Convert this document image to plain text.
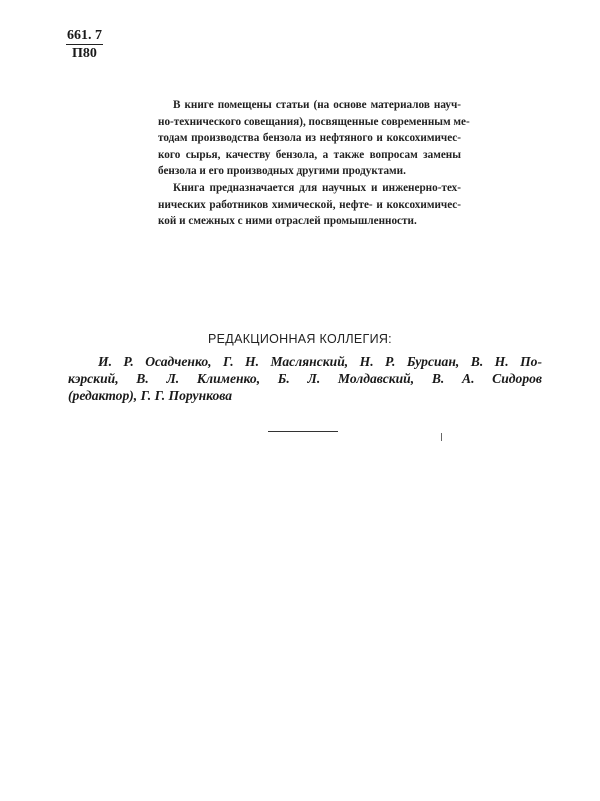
661. 7
П80

В книге помещены статьи (на основе материалов науч-
но-технического совещания), посвященные современным ме-
тодам производства бензола из нефтяного и коксохимичес-
кого сырья, качеству бензола, а также вопросам замены
бензола и его производных другими продуктами.

Книга предназначается для научных и инженерно-тех-
нических работников химической, нефте- и коксохимичес-
кой и смежных с ними отраслей промышленности.

РЕДАКЦИОННАЯ КОЛЛЕГИЯ:
И. Р. Осадченко, Г. Н. Маслянский, Н. Р. Бурсиан, В. Н. По-
кэрский, В. Л. Клименко, Б. Л. Молдавский, В. А. Сидоров
(редактор), Г. Г. Порункова
